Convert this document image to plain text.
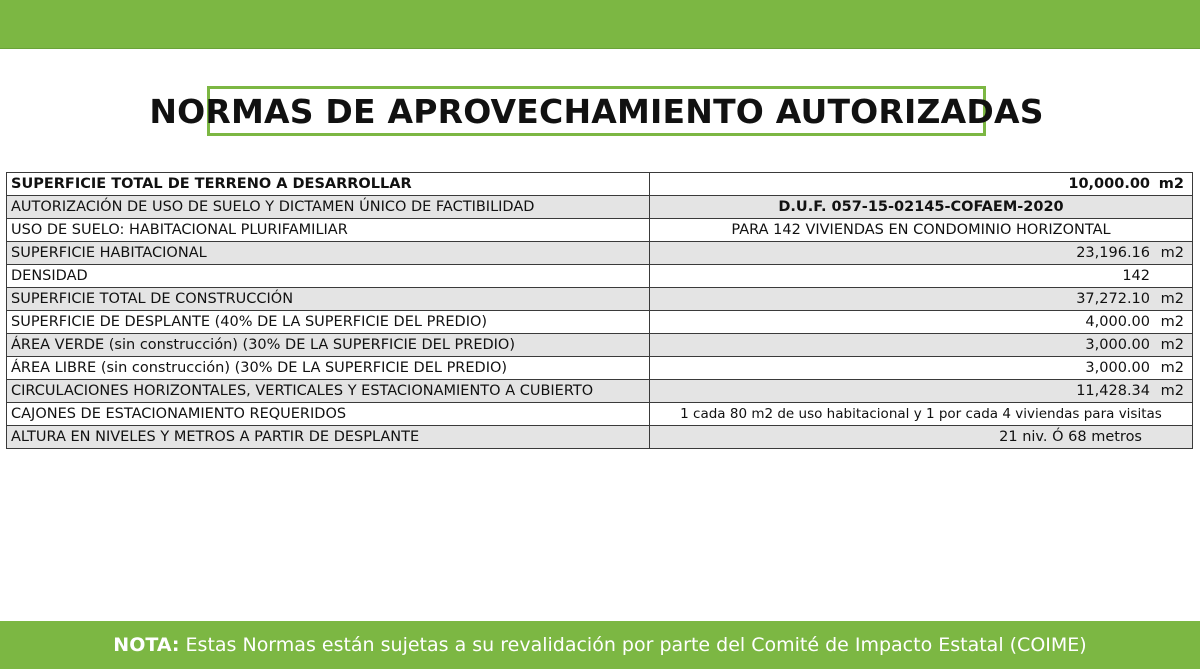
NORMAS DE APROVECHAMIENTO AUTORIZADAS
SUPERFICIE TOTAL DE TERRENO A DESARROLLAR	10,000.00 m2
AUTORIZACIÓN DE USO DE SUELO Y DICTAMEN ÚNICO DE FACTIBILIDAD	D.U.F. 057-15-02145-COFAEM-2020
USO DE SUELO: HABITACIONAL PLURIFAMILIAR	PARA 142 VIVIENDAS EN CONDOMINIO HORIZONTAL
SUPERFICIE HABITACIONAL	23,196.16 m2
DENSIDAD	142
SUPERFICIE TOTAL DE CONSTRUCCIÓN	37,272.10 m2
SUPERFICIE DE DESPLANTE (40% DE LA SUPERFICIE DEL PREDIO)	4,000.00 m2
ÁREA VERDE (sin construcción) (30% DE LA SUPERFICIE DEL PREDIO)	3,000.00 m2
ÁREA LIBRE (sin construcción) (30% DE LA SUPERFICIE DEL PREDIO)	3,000.00 m2
CIRCULACIONES HORIZONTALES, VERTICALES Y ESTACIONAMIENTO A CUBIERTO	11,428.34 m2
CAJONES DE ESTACIONAMIENTO REQUERIDOS	1 cada 80 m2 de uso habitacional y 1 por cada 4 viviendas para visitas
ALTURA EN NIVELES Y METROS A PARTIR DE DESPLANTE	21 niv. Ó 68 metros
NOTA: Estas Normas están sujetas a su revalidación por parte del Comité de Impacto Estatal (COIME)
